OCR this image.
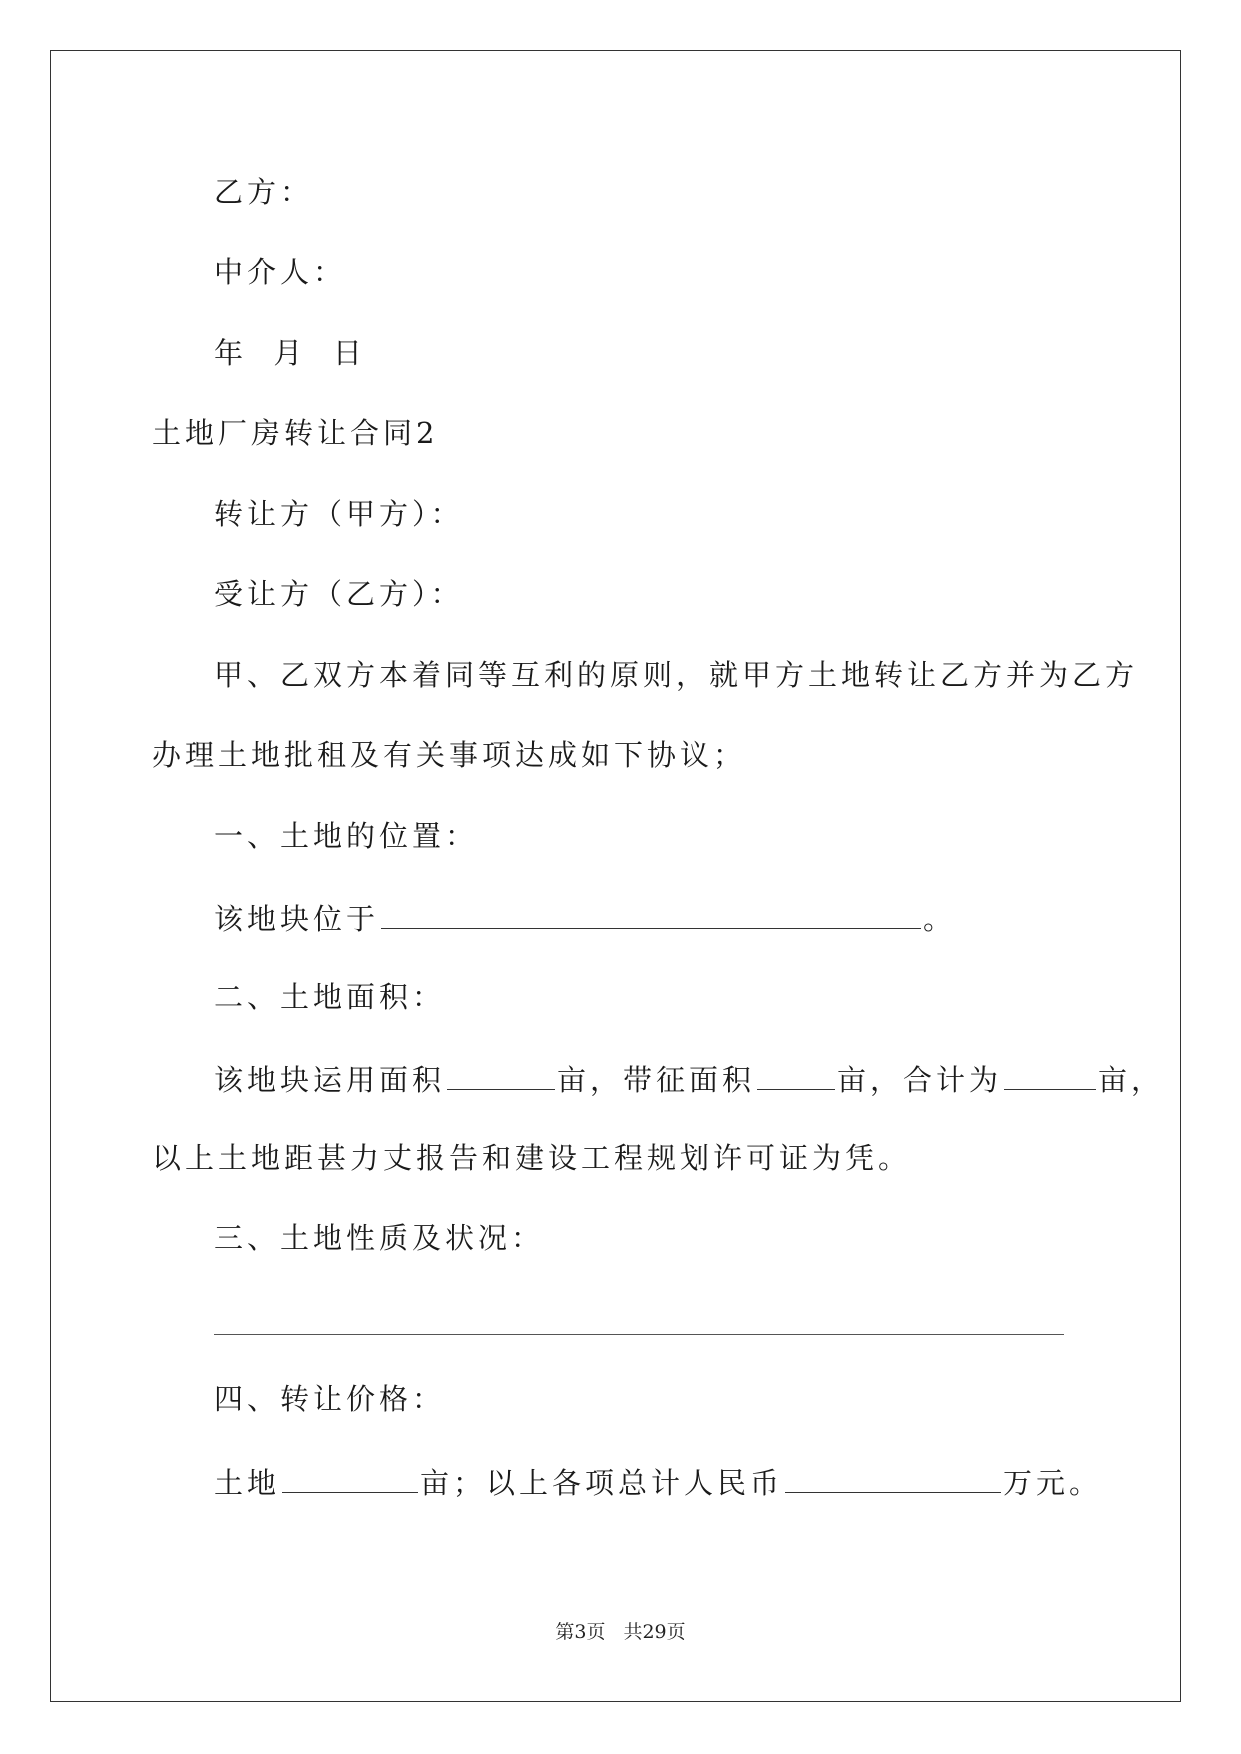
乙方：
中介人：
年  月  日
土地厂房转让合同2
转让方（甲方）：
受让方（乙方）：
甲、乙双方本着同等互利的原则，就甲方土地转让乙方并为乙方
办理土地批租及有关事项达成如下协议；
一、土地的位置：
该地块位于	。
二、土地面积：
该地块运用面积	亩，带征面积	亩，合计为	亩，
以上土地距甚力丈报告和建设工程规划许可证为凭。
三、土地性质及状况：
四、转让价格：
土地	亩；以上各项总计人民币	万元。
第3页 共29页
